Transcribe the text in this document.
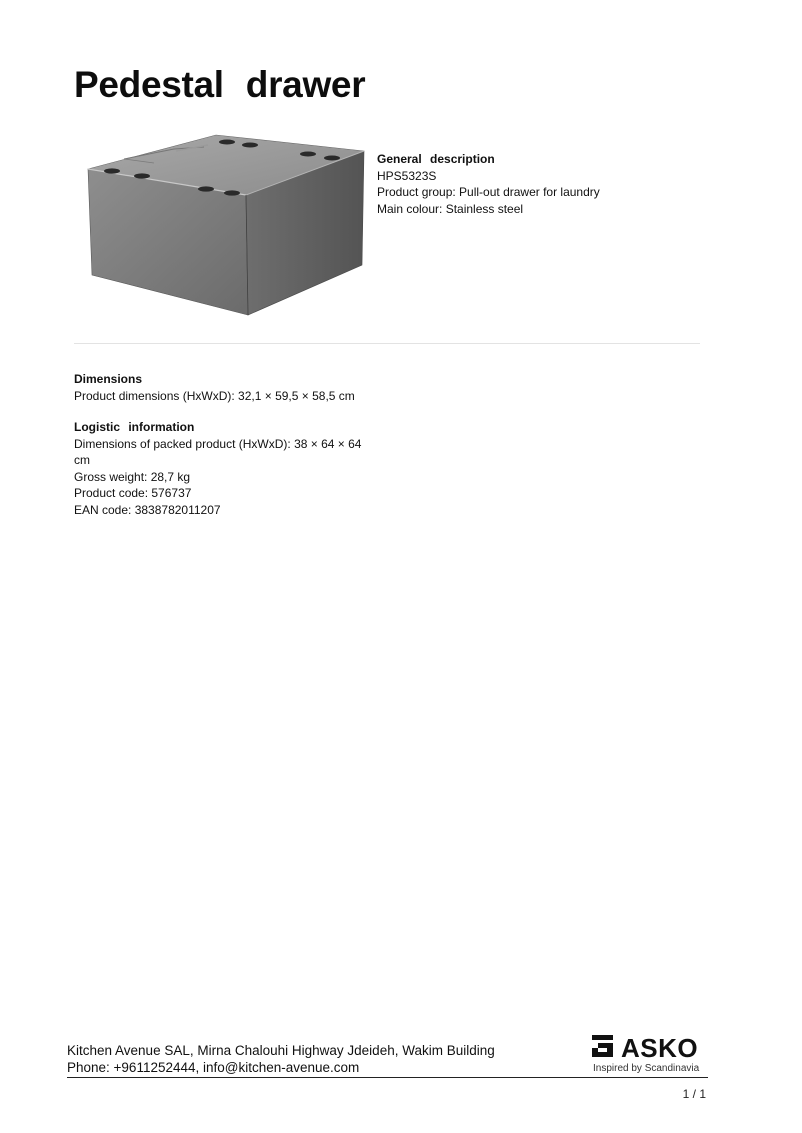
Pedestal drawer
General description
HPS5323S
Product group: Pull-out drawer for laundry
Main colour: Stainless steel
Dimensions
Product dimensions (HxWxD): 32,1 × 59,5 × 58,5 cm
Logistic information
Dimensions of packed product (HxWxD): 38 × 64 × 64 cm
Gross weight: 28,7 kg
Product code: 576737
EAN code: 3838782011207
Kitchen Avenue SAL, Mirna Chalouhi Highway Jdeideh, Wakim Building
Phone: +9611252444, info@kitchen-avenue.com
ASKO
Inspired by Scandinavia
1 / 1
